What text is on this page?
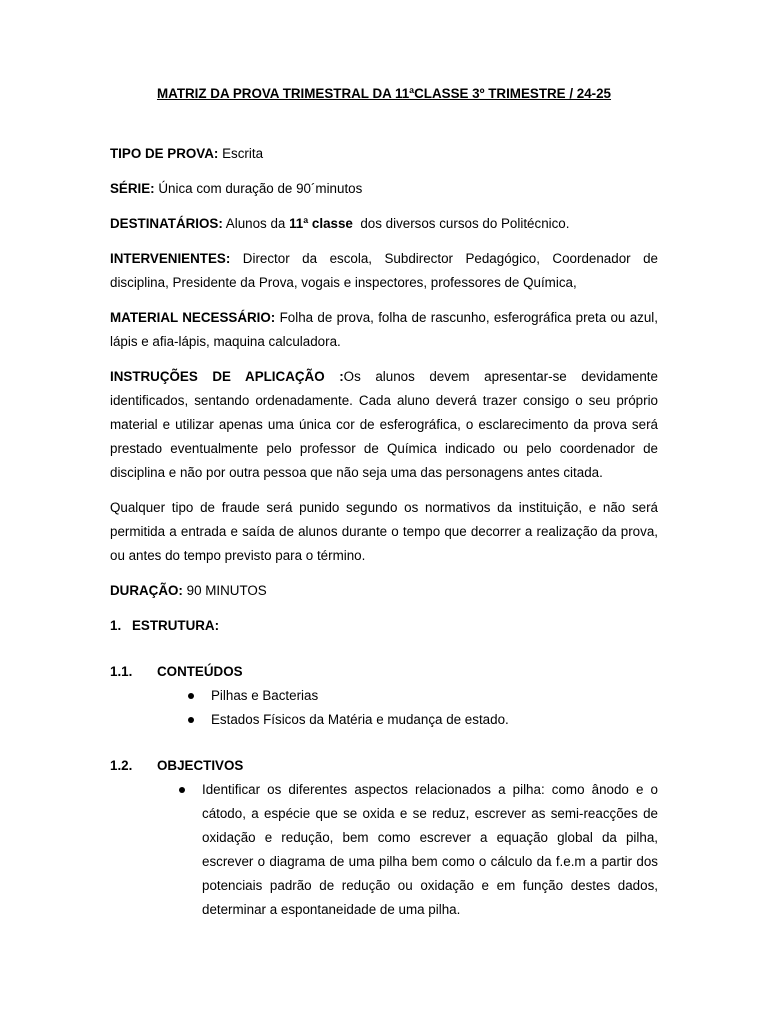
MATRIZ DA PROVA TRIMESTRAL DA 11ªCLASSE 3º TRIMESTRE / 24-25

TIPO DE PROVA: Escrita

SÉRIE: Única com duração de 90´minutos

DESTINATÁRIOS: Alunos da 11ª classe  dos diversos cursos do Politécnico.

INTERVENIENTES: Director da escola, Subdirector Pedagógico, Coordenador de disciplina, Presidente da Prova, vogais e inspectores, professores de Química,

MATERIAL NECESSÁRIO: Folha de prova, folha de rascunho, esferográfica preta ou azul, lápis e afia-lápis, maquina calculadora.

INSTRUÇÕES DE APLICAÇÃO :Os alunos devem apresentar-se devidamente identificados, sentando ordenadamente. Cada aluno deverá trazer consigo o seu próprio material e utilizar apenas uma única cor de esferográfica, o esclarecimento da prova será prestado eventualmente pelo professor de Química indicado ou pelo coordenador de disciplina e não por outra pessoa que não seja uma das personagens antes citada.

Qualquer tipo de fraude será punido segundo os normativos da instituição, e não será permitida a entrada e saída de alunos durante o tempo que decorrer a realização da prova, ou antes do tempo previsto para o término.

DURAÇÃO: 90 MINUTOS

1. ESTRUTURA:
1.1.	CONTEÚDOS
Pilhas e Bacterias
Estados Físicos da Matéria e mudança de estado.
1.2.	OBJECTIVOS
Identificar os diferentes aspectos relacionados a pilha: como ânodo e o cátodo, a espécie que se oxida e se reduz, escrever as semi-reacções de oxidação e redução, bem como escrever a equação global da pilha, escrever o diagrama de uma pilha bem como o cálculo da f.e.m a partir dos potenciais padrão de redução ou oxidação e em função destes dados, determinar a espontaneidade de uma pilha.
